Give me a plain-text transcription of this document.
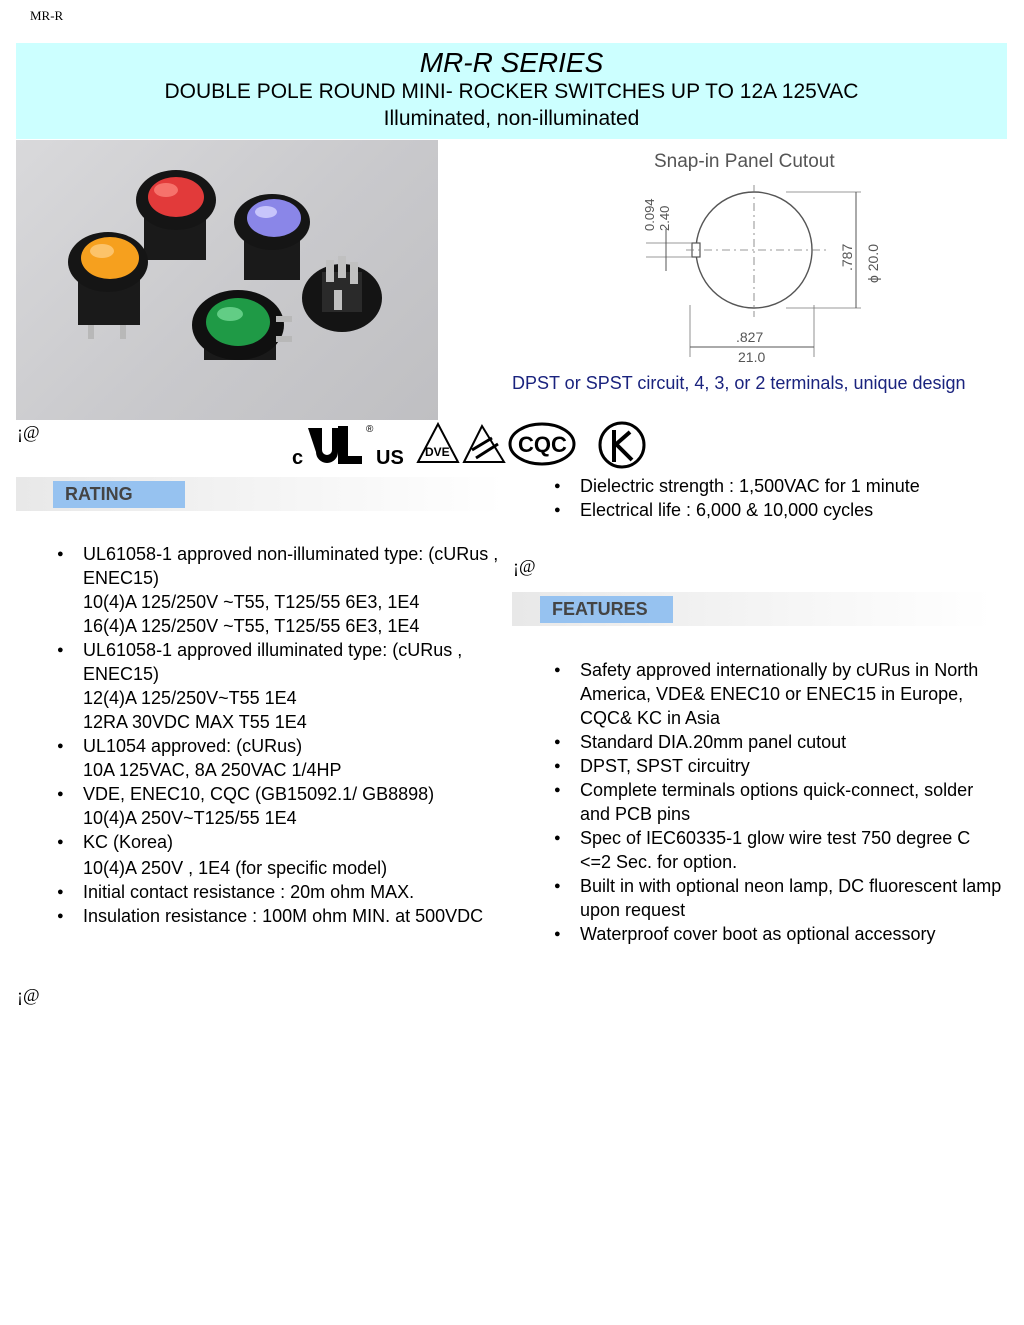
MR-R
MR-R SERIES
DOUBLE POLE ROUND MINI- ROCKER SWITCHES UP TO 12A 125VAC
Illuminated, non-illuminated
Snap-in Panel Cutout
.787 ϕ 20.0
.827
21.0
0.094 2.40
DPST or SPST circuit, 4, 3, or 2 terminals, unique design
¡@
¡@
¡@
c
®
US DVE	CQC
RATING
● UL61058-1 approved non-illuminated type: (cURus , ENEC15)
10(4)A 125/250V ~T55, T125/55 6E3, 1E4
16(4)A 125/250V ~T55, T125/55 6E3, 1E4
● UL61058-1 approved illuminated type: (cURus , ENEC15)
12(4)A 125/250V~T55 1E4
12RA 30VDC MAX T55 1E4
● UL1054 approved: (cURus)
10A 125VAC, 8A 250VAC 1/4HP
● VDE, ENEC10, CQC (GB15092.1/ GB8898)
10(4)A 250V~T125/55 1E4
● KC (Korea)
10(4)A 250V , 1E4 (for specific model)
● Initial contact resistance : 20m ohm MAX.
● Insulation resistance : 100M ohm MIN. at 500VDC
● Dielectric strength : 1,500VAC for 1 minute
● Electrical life : 6,000 & 10,000 cycles
FEATURES
● Safety approved internationally by cURus in North America, VDE& ENEC10 or ENEC15 in Europe, CQC& KC in Asia
● Standard DIA.20mm panel cutout
● DPST, SPST circuitry
● Complete terminals options quick-connect, solder and PCB pins
● Spec of IEC60335-1 glow wire test 750 degree C <=2 Sec. for option.
● Built in with optional neon lamp, DC fluorescent lamp upon request
● Waterproof cover boot as optional accessory
